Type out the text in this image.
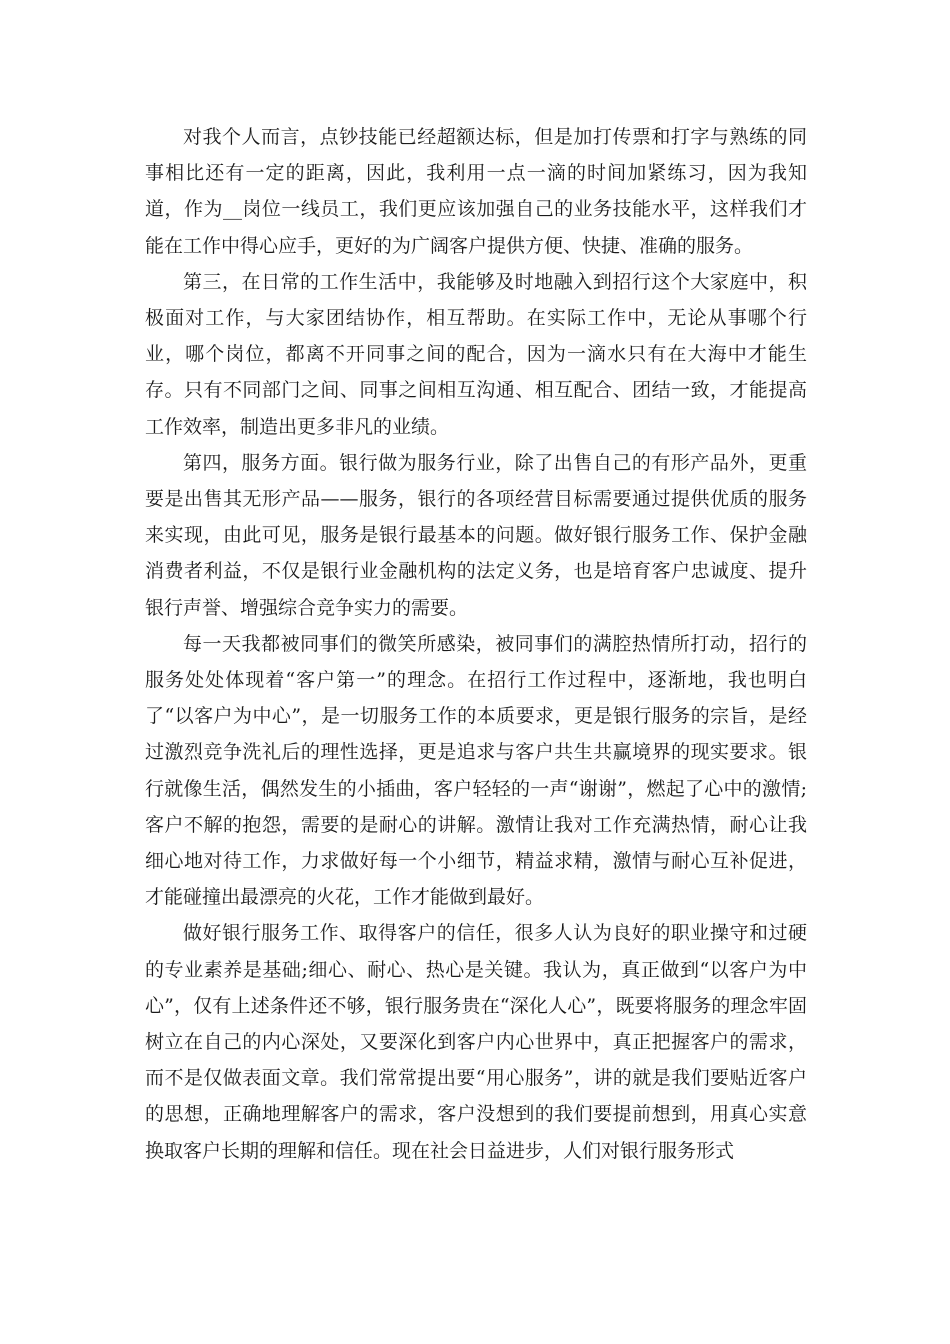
对我个人而言，点钞技能已经超额达标，但是加打传票和打字与熟练的同事相比还有一定的距离，因此，我利用一点一滴的时间加紧练习，因为我知道，作为__岗位一线员工，我们更应该加强自己的业务技能水平，这样我们才能在工作中得心应手，更好的为广阔客户提供方便、快捷、准确的服务。

第三，在日常的工作生活中，我能够及时地融入到招行这个大家庭中，积极面对工作，与大家团结协作，相互帮助。在实际工作中，无论从事哪个行业，哪个岗位，都离不开同事之间的配合，因为一滴水只有在大海中才能生存。只有不同部门之间、同事之间相互沟通、相互配合、团结一致，才能提高工作效率，制造出更多非凡的业绩。

第四，服务方面。银行做为服务行业，除了出售自己的有形产品外，更重要是出售其无形产品——服务，银行的各项经营目标需要通过提供优质的服务来实现，由此可见，服务是银行最基本的问题。做好银行服务工作、保护金融消费者利益，不仅是银行业金融机构的法定义务，也是培育客户忠诚度、提升银行声誉、增强综合竞争实力的需要。

每一天我都被同事们的微笑所感染，被同事们的满腔热情所打动，招行的服务处处体现着“客户第一”的理念。在招行工作过程中，逐渐地，我也明白了“以客户为中心”，是一切服务工作的本质要求，更是银行服务的宗旨，是经过激烈竞争洗礼后的理性选择，更是追求与客户共生共赢境界的现实要求。银行就像生活，偶然发生的小插曲，客户轻轻的一声“谢谢”，燃起了心中的激情;客户不解的抱怨，需要的是耐心的讲解。激情让我对工作充满热情，耐心让我细心地对待工作，力求做好每一个小细节，精益求精，激情与耐心互补促进，才能碰撞出最漂亮的火花，工作才能做到最好。

做好银行服务工作、取得客户的信任，很多人认为良好的职业操守和过硬的专业素养是基础;细心、耐心、热心是关键。我认为，真正做到“以客户为中心”，仅有上述条件还不够，银行服务贵在“深化人心”，既要将服务的理念牢固树立在自己的内心深处，又要深化到客户内心世界中，真正把握客户的需求，而不是仅做表面文章。我们常常提出要“用心服务”，讲的就是我们要贴近客户的思想，正确地理解客户的需求，客户没想到的我们要提前想到，用真心实意换取客户长期的理解和信任。现在社会日益进步，人们对银行服务形式
